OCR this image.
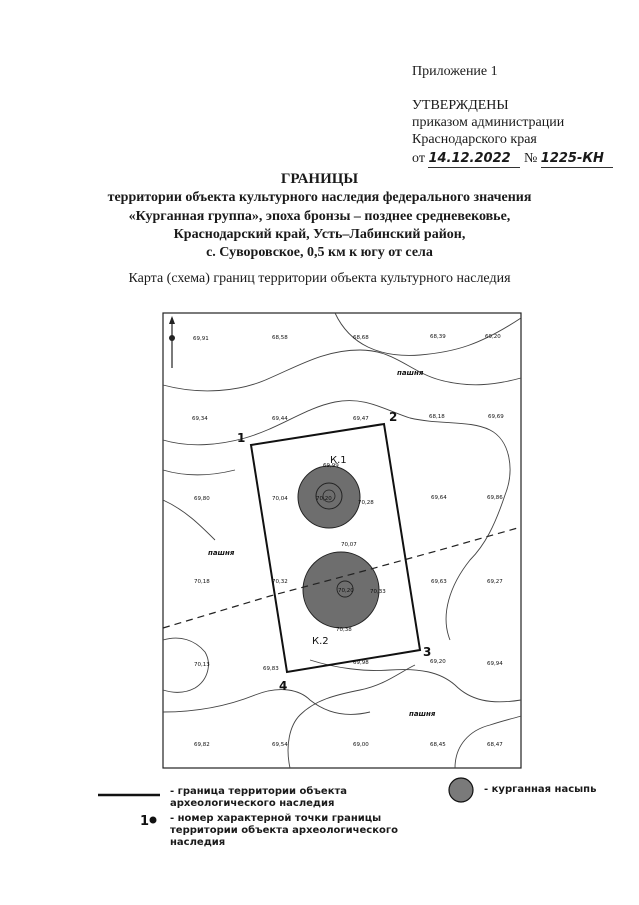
Приложение 1
УТВЕРЖДЕНЫ
приказом администрации
Краснодарского края
от 14.12.2022 № 1225-КН
ГРАНИЦЫ
территории объекта культурного наследия федерального значения
«Курганная группа», эпоха бронзы – позднее средневековье,
Краснодарский край, Усть–Лабинский район,
с. Суворовское, 0,5 км к югу от села
Карта (схема) границ территории объекта культурного наследия
1
2
3
4
К.1
К.2
пашня
пашня
пашня
69,91	68,58	68,68	68,39	69,20
69,34	69,44	69,47	68,18	69,69
69,99
70,04	70,20
70,28
69,64	69,86
69,80
70,07
70,18	70,32
70,33
69,63	69,27
70,38
70,13
69,83
69,98	69,20	69,94
69,82	69,54	69,00	68,45	68,47
70,20
1
- граница территории объекта археологического наследия
- курганная насыпь
- номер характерной точки границы территории объекта археологического наследия
